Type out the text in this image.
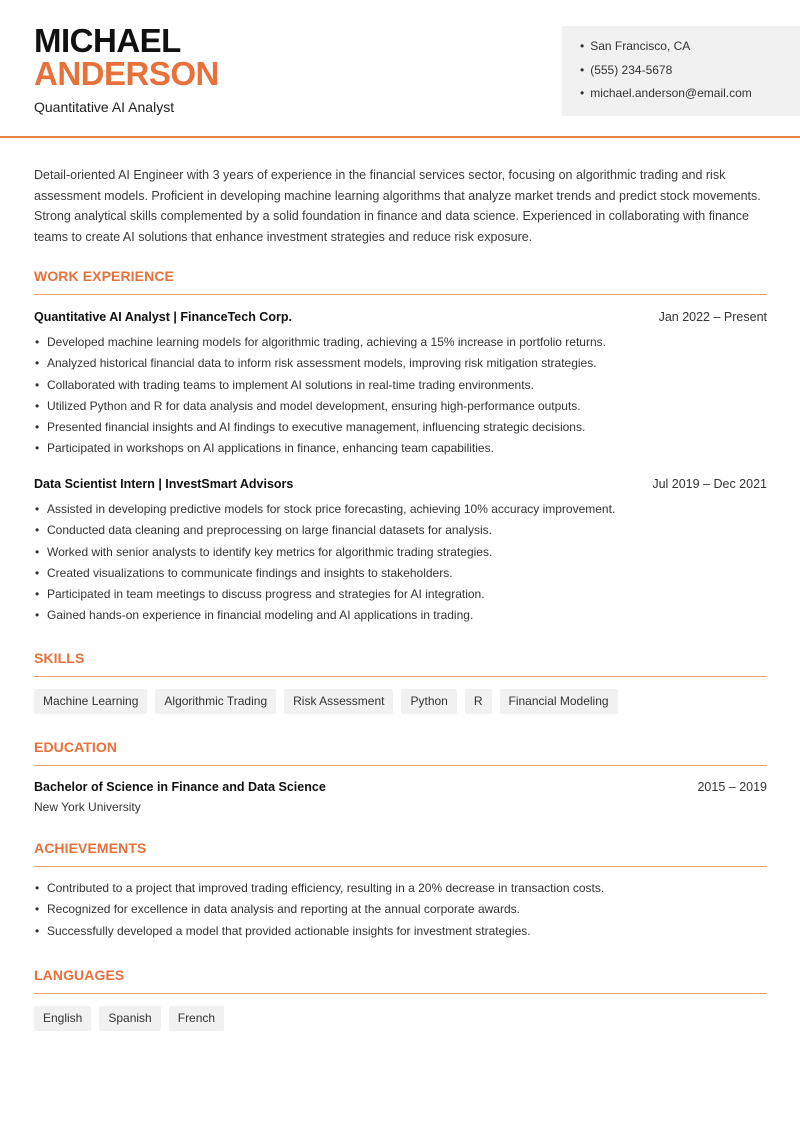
MICHAEL
ANDERSON
Quantitative AI Analyst
• San Francisco, CA
• (555) 234-5678
• michael.anderson@email.com
Detail-oriented AI Engineer with 3 years of experience in the financial services sector, focusing on algorithmic trading and risk assessment models. Proficient in developing machine learning algorithms that analyze market trends and predict stock movements. Strong analytical skills complemented by a solid foundation in finance and data science. Experienced in collaborating with finance teams to create AI solutions that enhance investment strategies and reduce risk exposure.
WORK EXPERIENCE
Quantitative AI Analyst | FinanceTech Corp.	Jan 2022 – Present
• Developed machine learning models for algorithmic trading, achieving a 15% increase in portfolio returns.
• Analyzed historical financial data to inform risk assessment models, improving risk mitigation strategies.
• Collaborated with trading teams to implement AI solutions in real-time trading environments.
• Utilized Python and R for data analysis and model development, ensuring high-performance outputs.
• Presented financial insights and AI findings to executive management, influencing strategic decisions.
• Participated in workshops on AI applications in finance, enhancing team capabilities.
Data Scientist Intern | InvestSmart Advisors	Jul 2019 – Dec 2021
• Assisted in developing predictive models for stock price forecasting, achieving 10% accuracy improvement.
• Conducted data cleaning and preprocessing on large financial datasets for analysis.
• Worked with senior analysts to identify key metrics for algorithmic trading strategies.
• Created visualizations to communicate findings and insights to stakeholders.
• Participated in team meetings to discuss progress and strategies for AI integration.
• Gained hands-on experience in financial modeling and AI applications in trading.
SKILLS
Machine Learning	Algorithmic Trading	Risk Assessment	Python	R	Financial Modeling
EDUCATION
Bachelor of Science in Finance and Data Science	2015 – 2019
New York University
ACHIEVEMENTS
• Contributed to a project that improved trading efficiency, resulting in a 20% decrease in transaction costs.
• Recognized for excellence in data analysis and reporting at the annual corporate awards.
• Successfully developed a model that provided actionable insights for investment strategies.
LANGUAGES
English	Spanish	French
